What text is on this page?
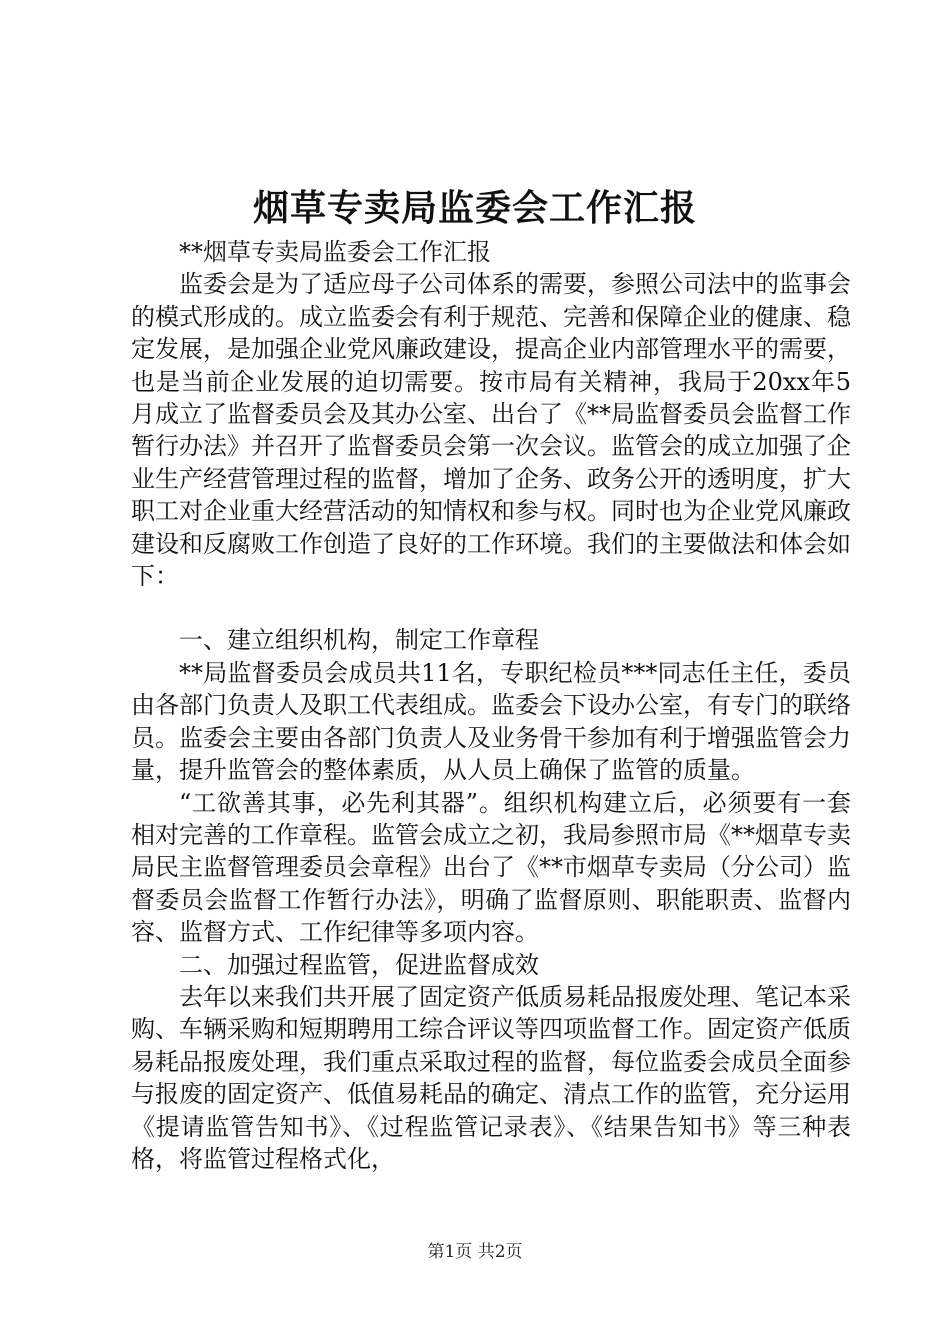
烟草专卖局监委会工作汇报

**烟草专卖局监委会工作汇报

监委会是为了适应母子公司体系的需要，参照公司法中的监事会的模式形成的。成立监委会有利于规范、完善和保障企业的健康、稳定发展，是加强企业党风廉政建设，提高企业内部管理水平的需要，也是当前企业发展的迫切需要。按市局有关精神，我局于20xx年5月成立了监督委员会及其办公室、出台了《**局监督委员会监督工作暂行办法》并召开了监督委员会第一次会议。监管会的成立加强了企业生产经营管理过程的监督，增加了企务、政务公开的透明度，扩大职工对企业重大经营活动的知情权和参与权。同时也为企业党风廉政建设和反腐败工作创造了良好的工作环境。我们的主要做法和体会如下：

一、建立组织机构，制定工作章程

**局监督委员会成员共11名，专职纪检员***同志任主任，委员由各部门负责人及职工代表组成。监委会下设办公室，有专门的联络员。监委会主要由各部门负责人及业务骨干参加有利于增强监管会力量，提升监管会的整体素质，从人员上确保了监管的质量。

“工欲善其事，必先利其器”。组织机构建立后，必须要有一套相对完善的工作章程。监管会成立之初，我局参照市局《**烟草专卖局民主监督管理委员会章程》出台了《**市烟草专卖局（分公司）监督委员会监督工作暂行办法》，明确了监督原则、职能职责、监督内容、监督方式、工作纪律等多项内容。

二、加强过程监管，促进监督成效

去年以来我们共开展了固定资产低质易耗品报废处理、笔记本采购、车辆采购和短期聘用工综合评议等四项监督工作。固定资产低质易耗品报废处理，我们重点采取过程的监督，每位监委会成员全面参与报废的固定资产、低值易耗品的确定、清点工作的监管，充分运用《提请监管告知书》、《过程监管记录表》、《结果告知书》等三种表格，将监管过程格式化，

第1页 共2页
